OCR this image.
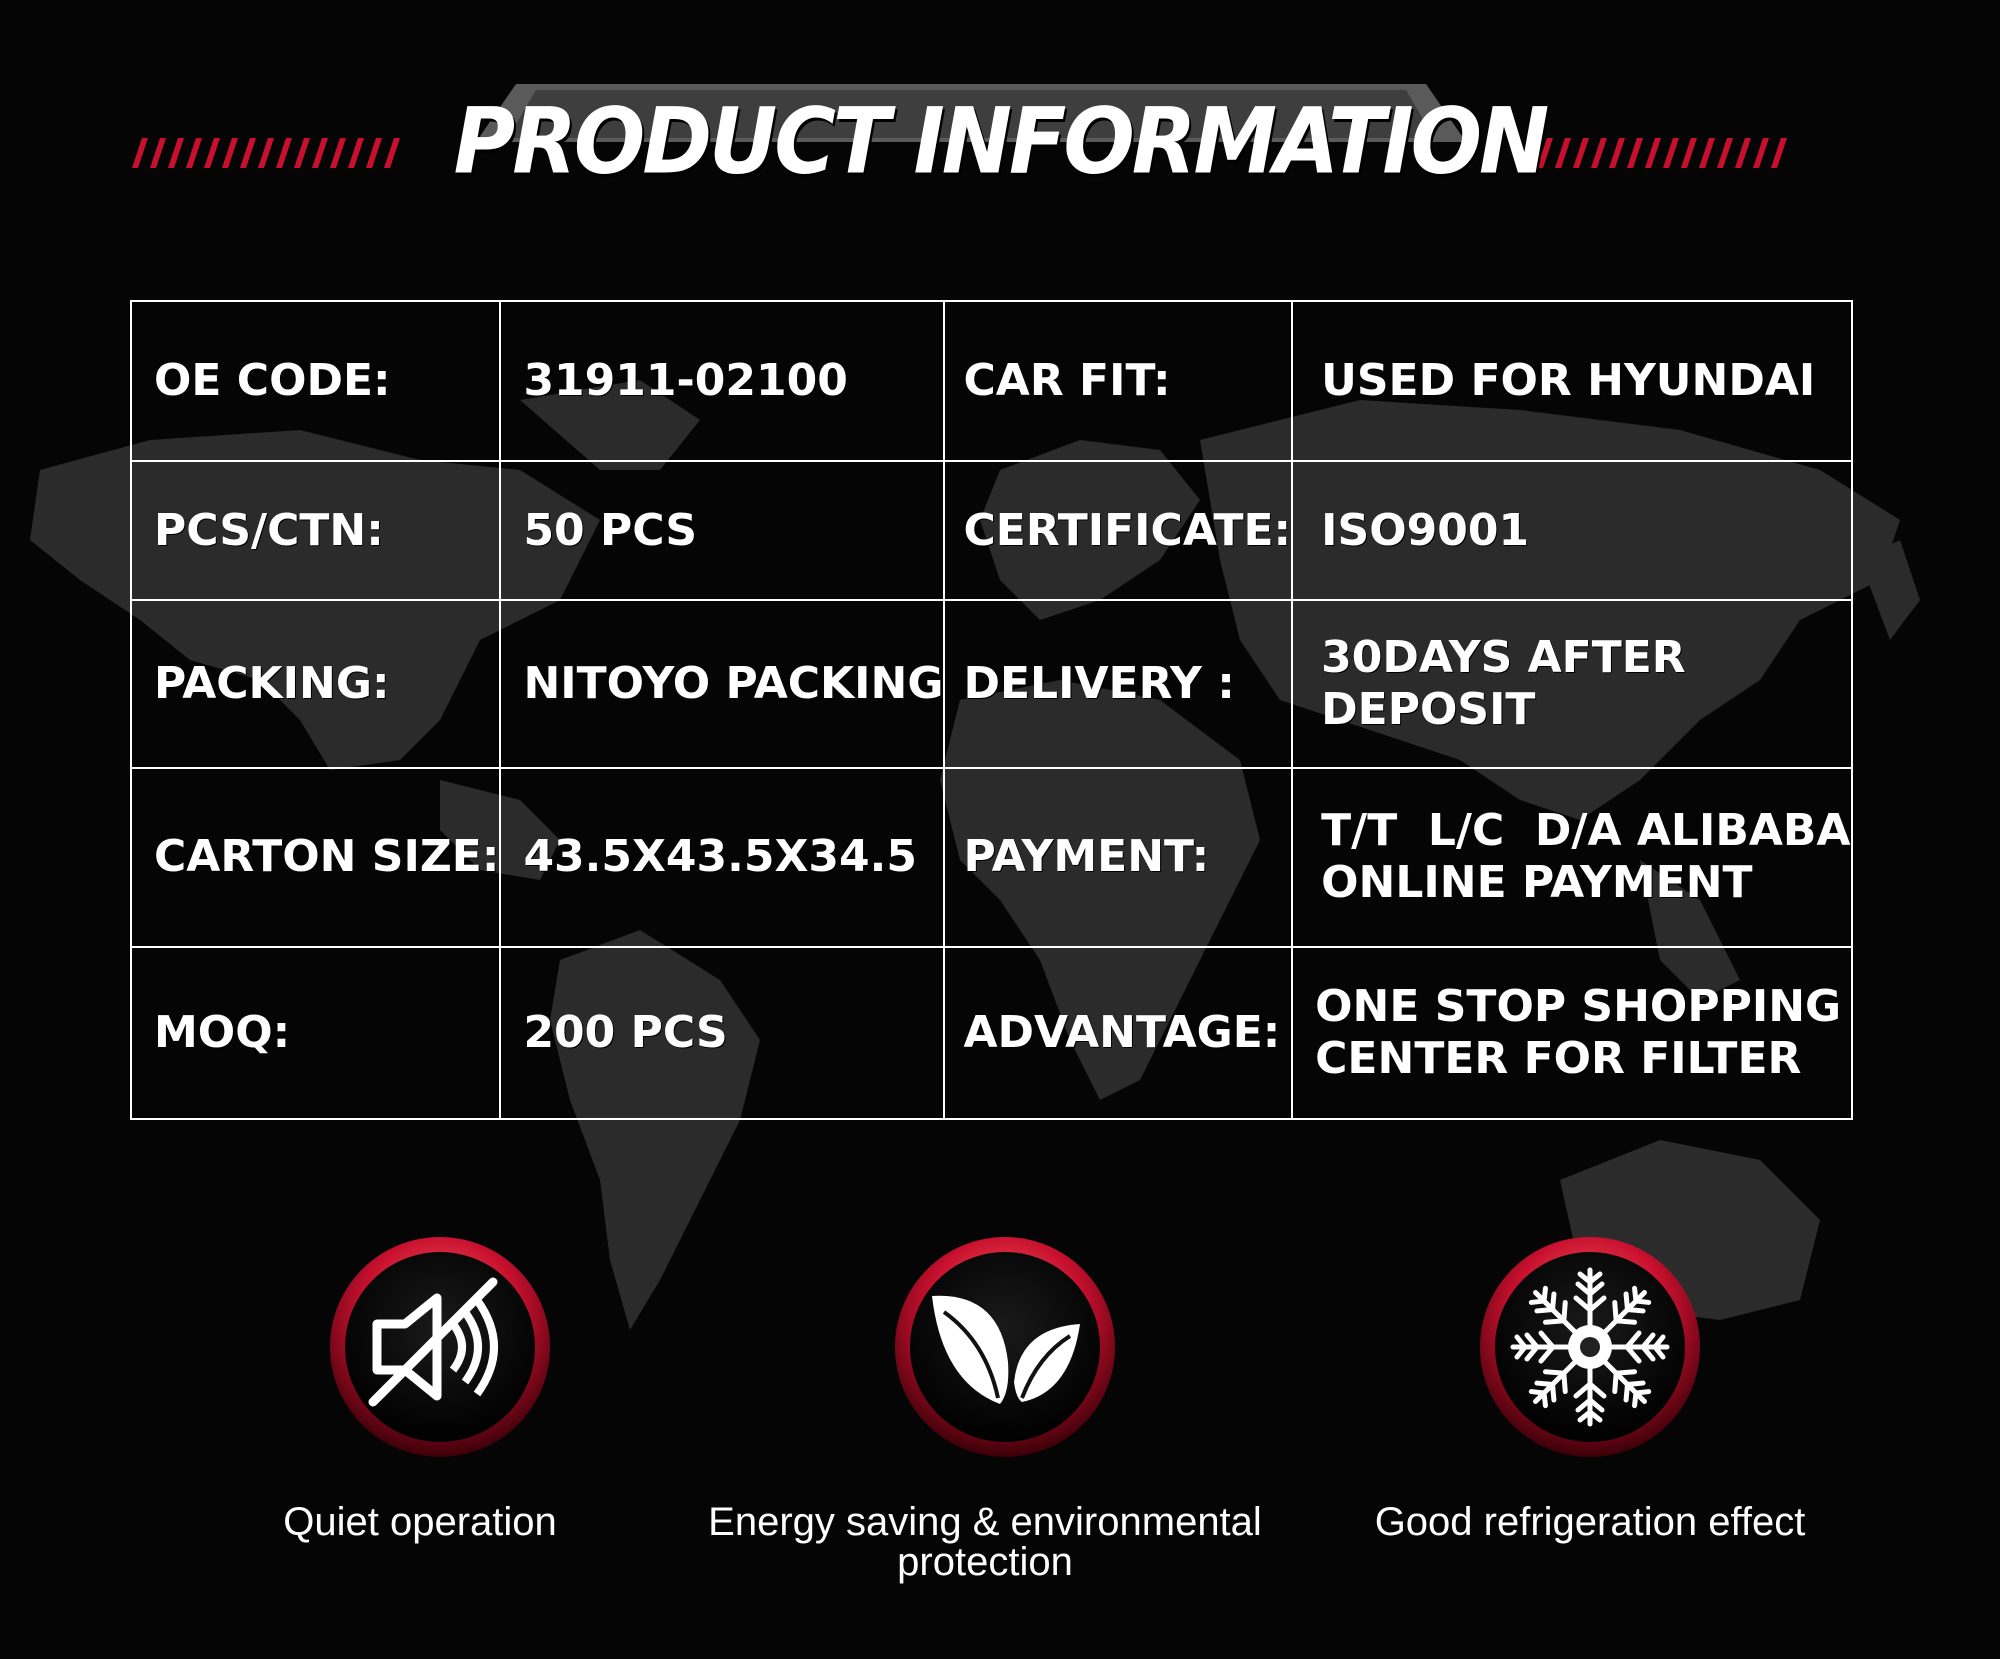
PRODUCT INFORMATION
OE CODE:	31911-02100	CAR FIT:	USED FOR HYUNDAI
PCS/CTN:	50 PCS	CERTIFICATE:	ISO9001
PACKING:	NITOYO PACKING	DELIVERY :	30DAYS AFTER
DEPOSIT

CARTON SIZE:	43.5X43.5X34.5	PAYMENT:	T/T  L/C  D/A ALIBABA
ONLINE PAYMENT

MOQ:	200 PCS	ADVANTAGE:	ONE STOP SHOPPING
CENTER FOR FILTER
Quiet operation	Energy saving & environmental
protection
Good refrigeration effect
